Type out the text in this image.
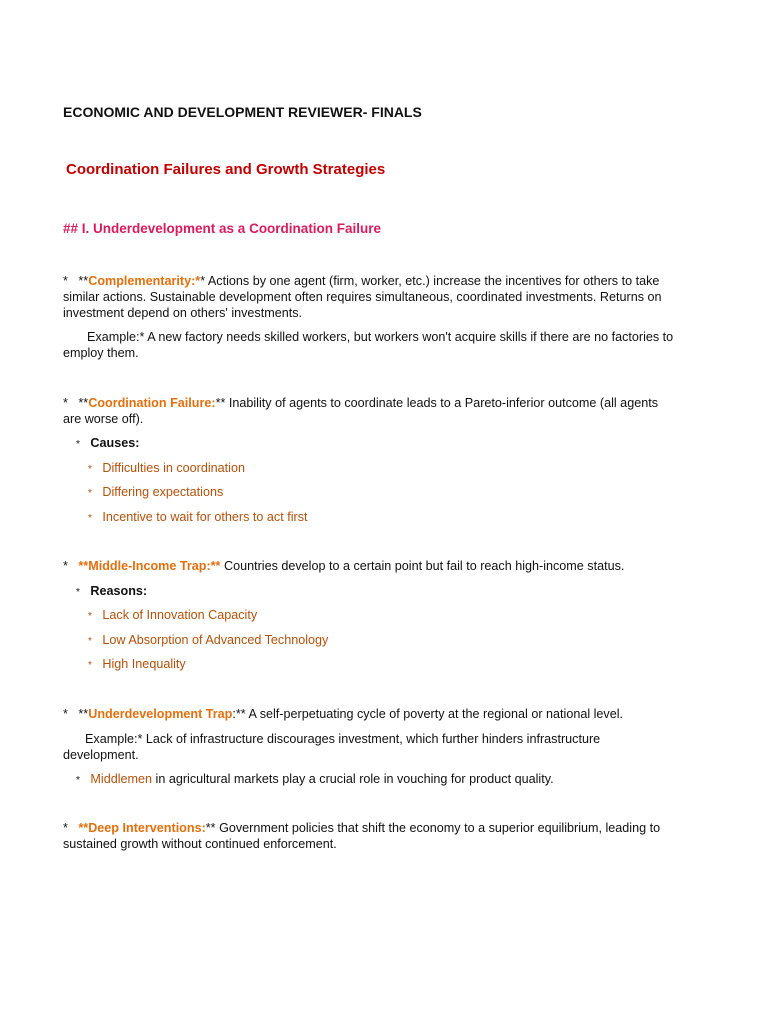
ECONOMIC AND DEVELOPMENT REVIEWER- FINALS
Coordination Failures and Growth Strategies
## I. Underdevelopment as a Coordination Failure
* **Complementarity:** Actions by one agent (firm, worker, etc.) increase the incentives for others to take
similar actions. Sustainable development often requires simultaneous, coordinated investments. Returns on
investment depend on others' investments.
Example:* A new factory needs skilled workers, but workers won't acquire skills if there are no factories to
employ them.
* **Coordination Failure:** Inability of agents to coordinate leads to a Pareto-inferior outcome (all agents
are worse off).
* Causes:
* Difficulties in coordination
* Differing expectations
* Incentive to wait for others to act first
* **Middle-Income Trap:** Countries develop to a certain point but fail to reach high-income status.
* Reasons:
* Lack of Innovation Capacity
* Low Absorption of Advanced Technology
* High Inequality
* **Underdevelopment Trap:** A self-perpetuating cycle of poverty at the regional or national level.
Example:* Lack of infrastructure discourages investment, which further hinders infrastructure
development.
* Middlemen in agricultural markets play a crucial role in vouching for product quality.
* **Deep Interventions:** Government policies that shift the economy to a superior equilibrium, leading to
sustained growth without continued enforcement.
